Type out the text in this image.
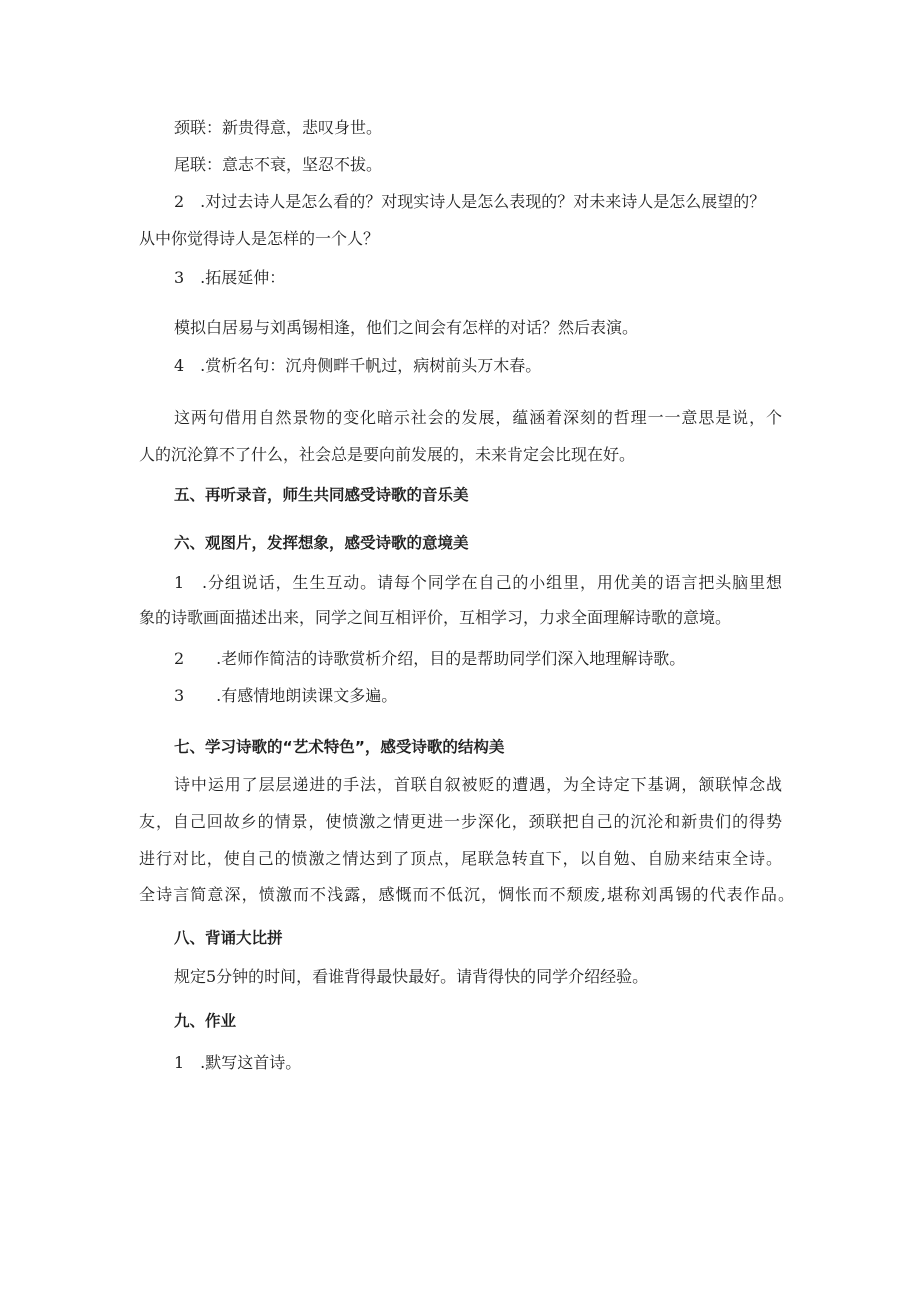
颈联：新贵得意，悲叹身世。
尾联：意志不衰，坚忍不拔。
2　.对过去诗人是怎么看的？对现实诗人是怎么表现的？对未来诗人是怎么展望的？
从中你觉得诗人是怎样的一个人？
3　.拓展延伸：
模拟白居易与刘禹锡相逢，他们之间会有怎样的对话？然后表演。
4　.赏析名句：沉舟侧畔千帆过，病树前头万木春。
这两句借用自然景物的变化暗示社会的发展，蕴涵着深刻的哲理一一意思是说，个
人的沉沦算不了什么，社会总是要向前发展的，未来肯定会比现在好。
五、再听录音，师生共同感受诗歌的音乐美
六、观图片，发挥想象，感受诗歌的意境美
1　.分组说话，生生互动。请每个同学在自己的小组里，用优美的语言把头脑里想
象的诗歌画面描述出来，同学之间互相评价，互相学习，力求全面理解诗歌的意境。
2　　.老师作简洁的诗歌赏析介绍，目的是帮助同学们深入地理解诗歌。
3　　.有感情地朗读课文多遍。
七、学习诗歌的“艺术特色”，感受诗歌的结构美
诗中运用了层层递进的手法，首联自叙被贬的遭遇，为全诗定下基调，颔联悼念战
友，自己回故乡的情景，使愤激之情更进一步深化，颈联把自己的沉沦和新贵们的得势
进行对比，使自己的愤激之情达到了顶点，尾联急转直下，以自勉、自励来结束全诗。
全诗言简意深，愤激而不浅露，感慨而不低沉，惆怅而不颓废,堪称刘禹锡的代表作品。
八、背诵大比拼
规定5分钟的时间，看谁背得最快最好。请背得快的同学介绍经验。
九、作业
1　.默写这首诗。
